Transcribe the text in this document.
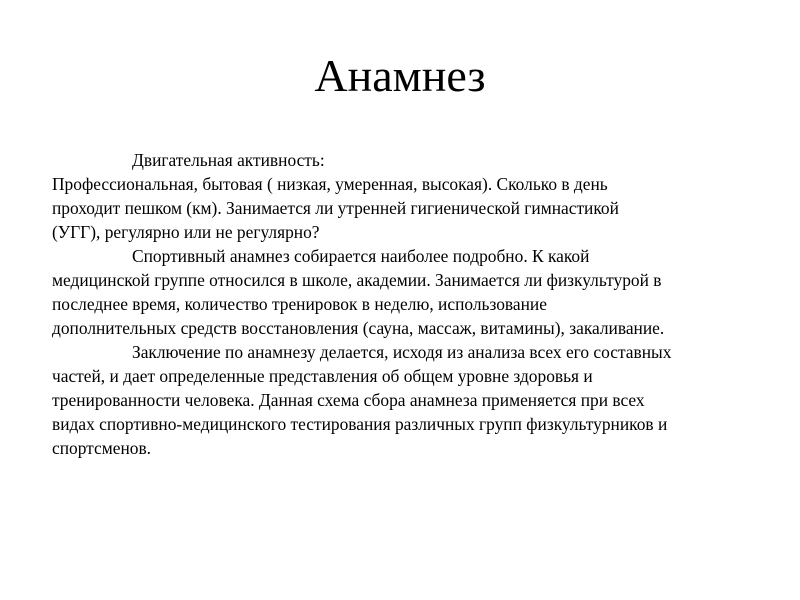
Анамнез
Двигательная активность:
Профессиональная, бытовая ( низкая, умеренная, высокая). Сколько в день
проходит пешком (км). Занимается ли утренней гигиенической гимнастикой
(УГГ), регулярно или не регулярно?
Спортивный анамнез собирается наиболее подробно. К какой
медицинской группе относился в школе, академии. Занимается ли физкультурой в
последнее время, количество тренировок в неделю, использование
дополнительных средств восстановления (сауна, массаж, витамины), закаливание.
Заключение по анамнезу делается, исходя из анализа всех его составных
частей, и дает определенные представления об общем уровне здоровья и
тренированности человека. Данная схема сбора анамнеза применяется при всех
видах спортивно-медицинского тестирования различных групп физкультурников и
спортсменов.
